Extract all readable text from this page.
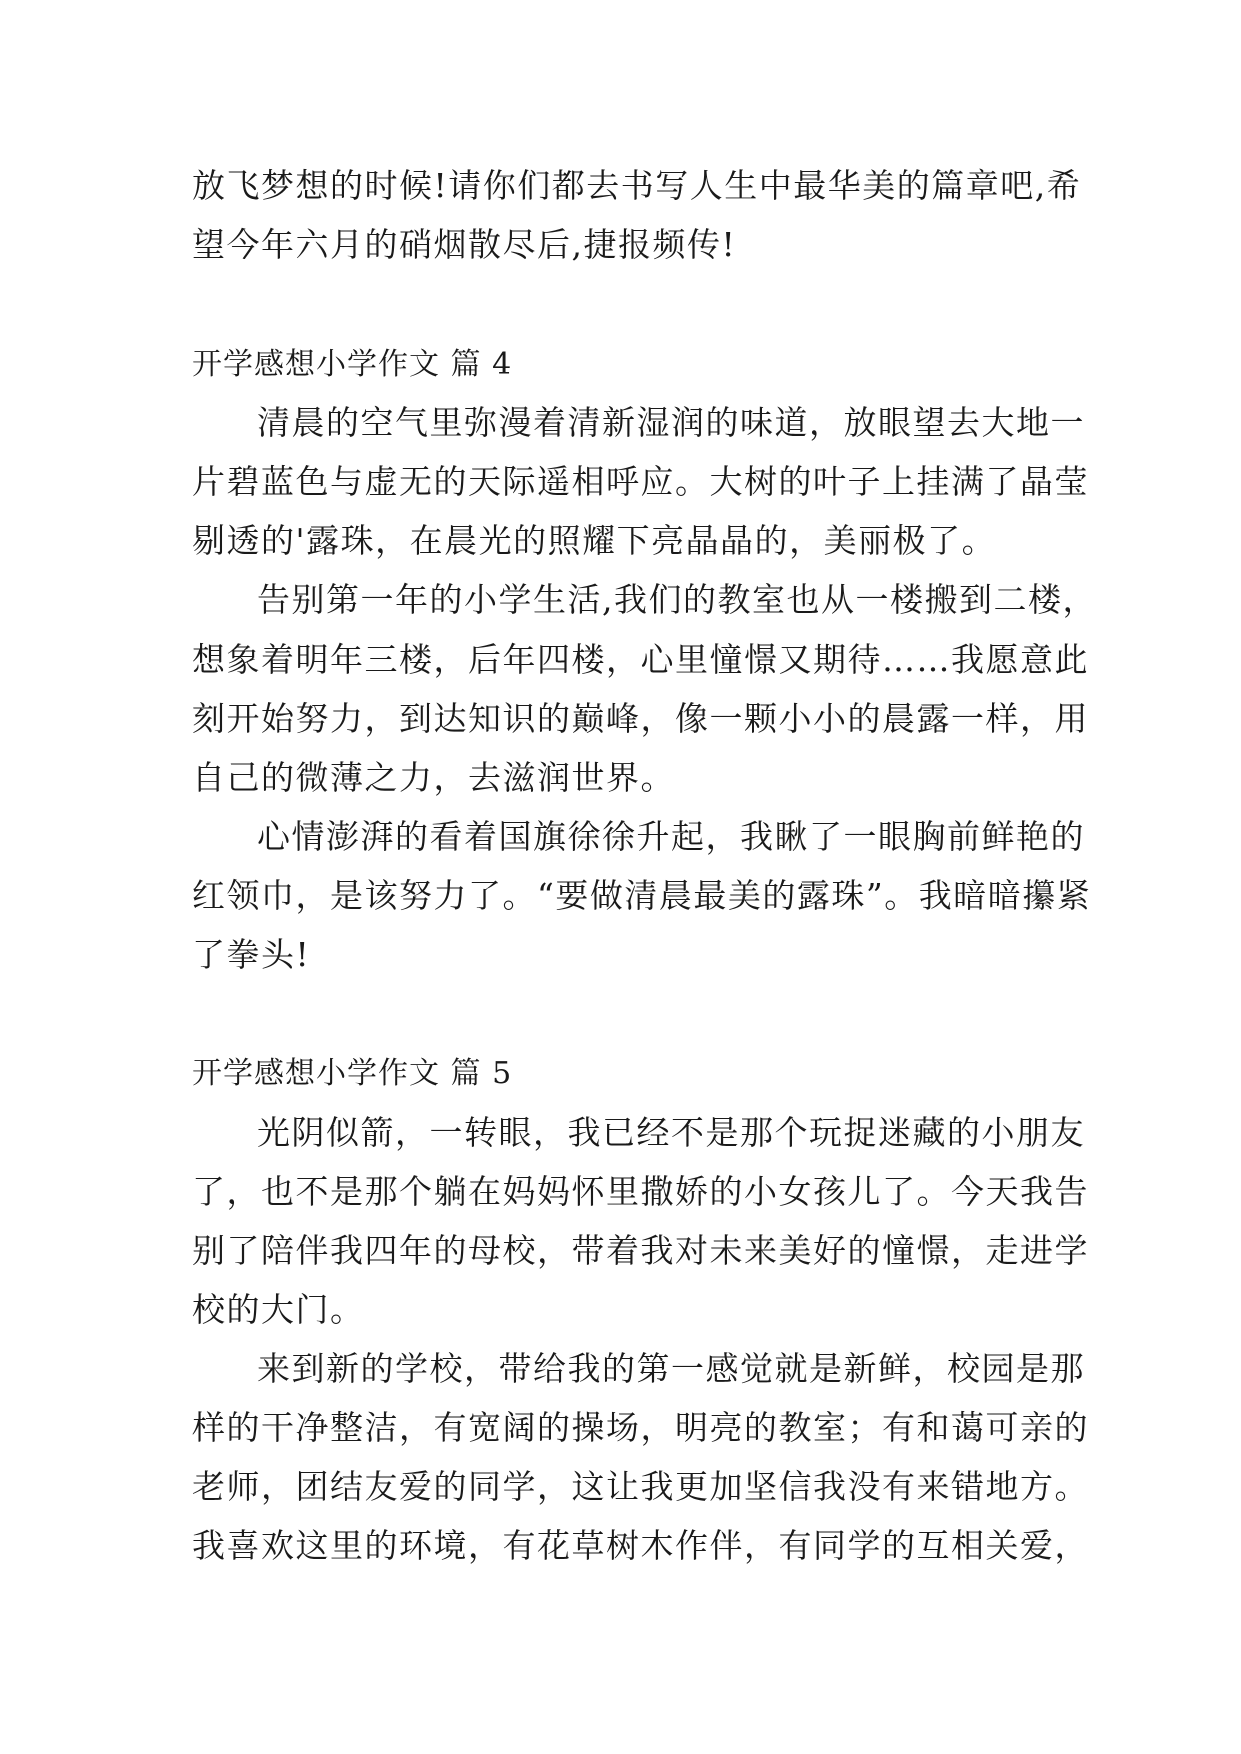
放飞梦想的时候!请你们都去书写人生中最华美的篇章吧,希
望今年六月的硝烟散尽后,捷报频传!
开学感想小学作文 篇 4
清晨的空气里弥漫着清新湿润的味道，放眼望去大地一
片碧蓝色与虚无的天际遥相呼应。大树的叶子上挂满了晶莹
剔透的'露珠，在晨光的照耀下亮晶晶的，美丽极了。
告别第一年的小学生活,我们的教室也从一楼搬到二楼，
想象着明年三楼，后年四楼，心里憧憬又期待……我愿意此
刻开始努力，到达知识的巅峰，像一颗小小的晨露一样，用
自己的微薄之力，去滋润世界。
心情澎湃的看着国旗徐徐升起，我瞅了一眼胸前鲜艳的
红领巾，是该努力了。“要做清晨最美的露珠”。我暗暗攥紧
了拳头!
开学感想小学作文 篇 5
光阴似箭，一转眼，我已经不是那个玩捉迷藏的小朋友
了，也不是那个躺在妈妈怀里撒娇的小女孩儿了。今天我告
别了陪伴我四年的母校，带着我对未来美好的憧憬，走进学
校的大门。
来到新的学校，带给我的第一感觉就是新鲜，校园是那
样的干净整洁，有宽阔的操场，明亮的教室；有和蔼可亲的
老师，团结友爱的同学，这让我更加坚信我没有来错地方。
我喜欢这里的环境，有花草树木作伴，有同学的互相关爱，
